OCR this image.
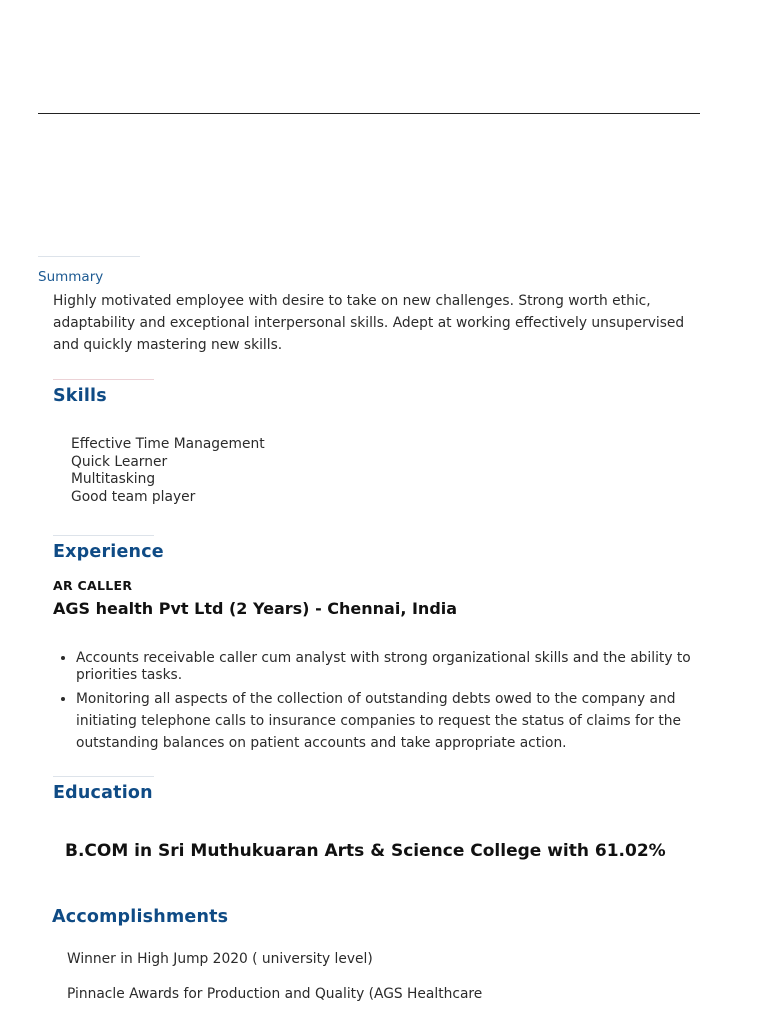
Summary
Highly motivated employee with desire to take on new challenges. Strong worth ethic, adaptability and exceptional interpersonal skills. Adept at working effectively unsupervised and quickly mastering new skills.
Skills
Effective Time Management
Quick Learner
Multitasking
Good team player
Experience
AR CALLER
AGS health Pvt Ltd (2 Years) - Chennai, India
• Accounts receivable caller cum analyst with strong organizational skills and the ability to priorities tasks.
• Monitoring all aspects of the collection of outstanding debts owed to the company and initiating telephone calls to insurance companies to request the status of claims for the outstanding balances on patient accounts and take appropriate action.
Education
B.COM in Sri Muthukuaran Arts & Science College with 61.02%
Accomplishments
Winner in High Jump 2020 ( university level)
Pinnacle Awards for Production and Quality (AGS Healthcare
